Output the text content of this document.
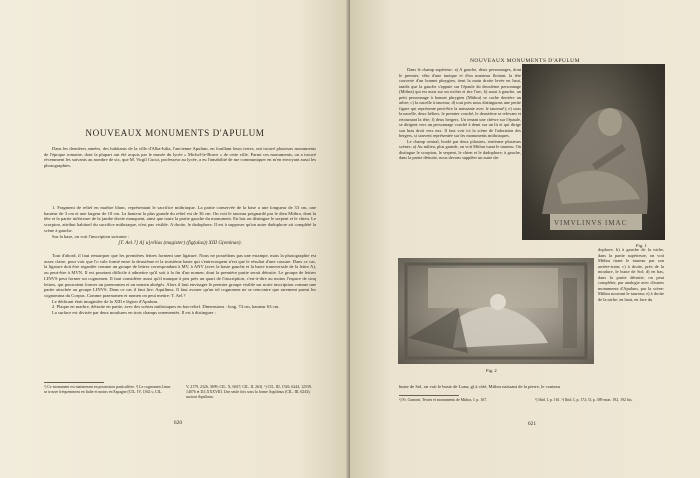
NOUVEAUX MONUMENTS D'APULUM

Dans les dernières années, des habitants de la ville d'Alba-Iulia, l'ancienne Apulum, en fouillant leurs terres, ont trouvé plusieurs monuments de l'époque romaine, dont la plupart ont été acquis par le musée du lycée « Michel-le-Brave » de cette ville. Parmi ces monuments, on a trouvé récemment les suivants au nombre de six, que M. Virgil Cucui, professeur au lycée, a eu l'amabilité de me communiquer en m'en envoyant aussi les photographies.

1. Fragment de relief en marbre blanc, représentant le sacrifice mithriaque. La partie conservée de la base a une longueur de 33 cm, une hauteur de 3 cm et une largeur de 10 cm. La hauteur la plus grande du relief est de 36 cm. On voit le taureau poignardé par le dieu Mithra, dont la tête et la partie inférieure de la jambe droite manquent, ainsi que toute la partie gauche du monument. En bas on distingue le serpent et le chien. Le scorpion, attribut habituel du sacrifice mithriaque, n'est pas visible. A droite, le dadophore. Il est à supposer qu'un autre dadophore ait complété la scène à gauche.

Sur la base, on voit l'inscription suivante :

[T. Ael.?] A[ u]rélius (magister) (fig(ulus)) XIII G(eminae).

Tout d'abord, il faut remarquer que les premières lettres forment une ligature. Nous ne possédons pas une estampe, mais la photographie est assez claire, pour voir que l'o vale formé entre la deuxième et la troisième haste qui s'entrecoupent n'est que le résultat d'une cassure. Dans ce cas, la ligature doit être regardée comme un groupe de lettres correspondant à MV, à ANV (avec la haste gauche et la barre transversale de la lettre A), ou peut-être à MVN. Il est pourtant difficile à admettre qu'il soit à la fin d'un nomen, dont la première partie serait détruite. Le groupe de lettres LINVS peut former un cognomen. Il faut considérer aussi qu'il manque à peu près un quart de l'inscription, c'est-à-dire au moins l'espace de cinq lettres, qui pourraient former un praenomen et un nomen abrégés. Alors il faut envisager le premier groupe visible sur notre inscription comme une partie attachée au groupe LINVS. Dans ce cas il faut lire: Aquilinus. Il faut avouer qu'un tel cognomen ne se rencontre que rarement parmi les cognomina du Corpus. Comme praenomen et nomen on peut mettre: T. Ael.?

Le dédicant était imaginifer de la XIII e légion d'Apulum.

2. Plaque en marbre, détruite en partie, avec des scènes mithriaques en bas-relief. Dimensions : long. 74 cm, hauteur 63 cm.

La surface est divisée par deux moulures en trois champs ornementés. Il est à distinguer :

¹) Ce monument est maintenant en possession particulière. ²) Le cognomen Linus se trouve fréquemment en Italie et moins en Espagne (CIL. IV, 1362 s; CIL.
V, 2179, 2326, 3699; CIL. X, 6637; CIL. II, 263). ³) CIL. III, 1526, 6244, 12539, 14076 et D.LXXXVIII. Une seule fois sous la forme Aquilinus (CIL. III, 6243); surtout Aquilinus.
620
NOUVEAUX MONUMENTS D'APULUM

Dans le champ supérieur: a) A gauche, deux personnages, dont le premier, vêtu d'une tunique et d'un manteau flottant, la tête couverte d'un bonnet phrygien, tient la main droite levée en haut, tandis que la gauche s'appuie sur l'épaule du deuxième personnage (Mithra) qui est assis sur un rocher et tire l'arc; b) aussi à gauche, un petit personnage à bonnet phrygien (Mithra) se cache derrière un arbre; c) la nacelle à taureau; d) tout près nous distinguons une petite figure qui représente peut-être la naissante avec le taureau¹); e) sous la nacelle, deux béliers, le premier couché, le deuxième se relevant et retournant la tête; f) deux bergers. Un tenant une chèvre sur l'épaule, se dirigent vers un personnage couché à demi sur un lit et qui dirige son bras droit vers eux. Il faut voir ici la scène de l'adoration des bergers, si souvent représentée sur les monuments mithriaques.

Le champ central, bordé par deux pilastres, renferme plusieurs scènes: a) Au milieu, plus grande, on voit Mithra tuant le taureau. On distingue le scorpion, le serpent, le chien et le dadophore; à gauche, dans la partie détruite, nous devons suppléer un autre da-

VIMVLINVS IMAC
Fig. 1
Fig. 2

dophore; b) à gauche de la niche, dans la partie supérieure, on voit Mithra tirant le taureau par son arrière-train; c) à droite, près de la moulure, le buste de Sol; d) en bas, dans la partie détruite, on peut compléter, par analogie avec d'autres monuments d'Apulum, par la scène: Mithra nouvant le taureau; e) à droite de la niche, en haut, en face du

buste de Sol, on voit le buste de Luna; g) à côté, Mithra naissant de la pierre, le couteau
¹) Fr. Cumont, Textes et monuments de Mithra, I. p. 167.	²) Ibid. I, p. 161. ³) Ibid. I, p. 172; II, p. 389 mon. 192, 192 bis.
621
